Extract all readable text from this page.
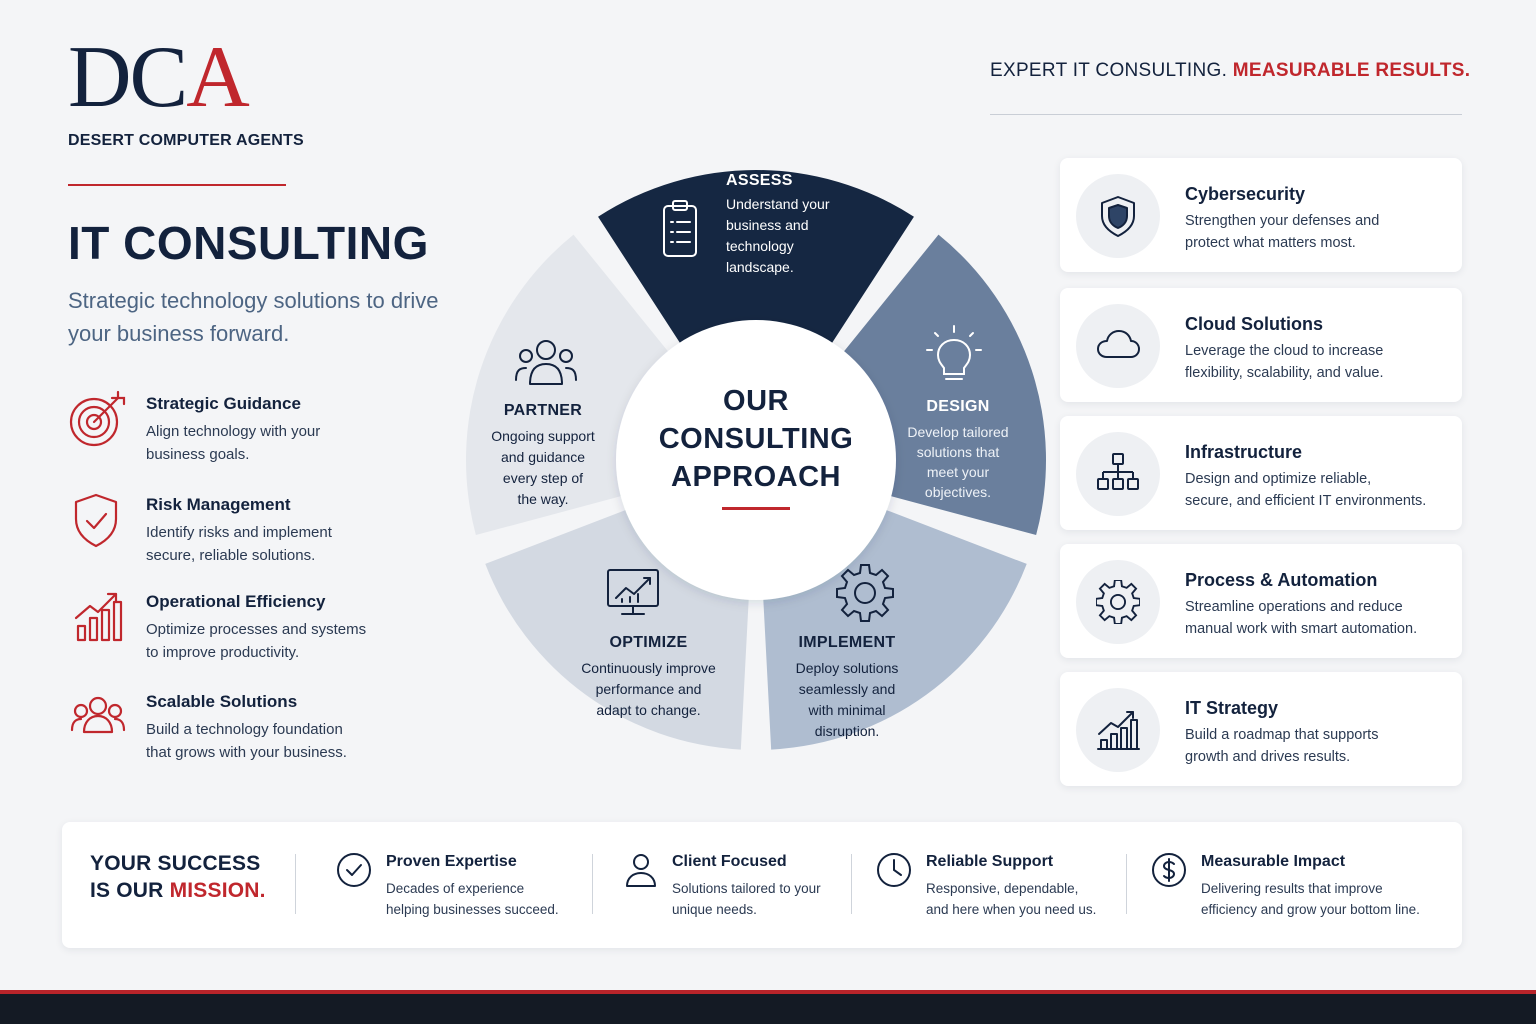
DCA
DESERT COMPUTER AGENTS
IT CONSULTING
Strategic technology solutions to drive your business forward.
Strategic Guidance
Align technology with your
business goals.
Risk Management
Identify risks and implement
secure, reliable solutions.
Operational Efficiency
Optimize processes and systems
to improve productivity.
Scalable Solutions
Build a technology foundation
that grows with your business.
EXPERT IT CONSULTING. MEASURABLE RESULTS.
OUR
CONSULTING
APPROACH
ASSESS
Understand your
business and
technology
landscape.
DESIGN
Develop tailored
solutions that
meet your
objectives.
IMPLEMENT
Deploy solutions
seamlessly and
with minimal
disruption.
OPTIMIZE
Continuously improve
performance and
adapt to change.
PARTNER
Ongoing support
and guidance
every step of
the way.
Cybersecurity
Strengthen your defenses and
protect what matters most.
Cloud Solutions
Leverage the cloud to increase
flexibility, scalability, and value.
Infrastructure
Design and optimize reliable,
secure, and efficient IT environments.
Process & Automation
Streamline operations and reduce
manual work with smart automation.
IT Strategy
Build a roadmap that supports
growth and drives results.
YOUR SUCCESS
IS OUR MISSION.
Proven Expertise
Decades of experience
helping businesses succeed.
Client Focused
Solutions tailored to your
unique needs.
Reliable Support
Responsive, dependable,
and here when you need us.
Measurable Impact
Delivering results that improve
efficiency and grow your bottom line.
